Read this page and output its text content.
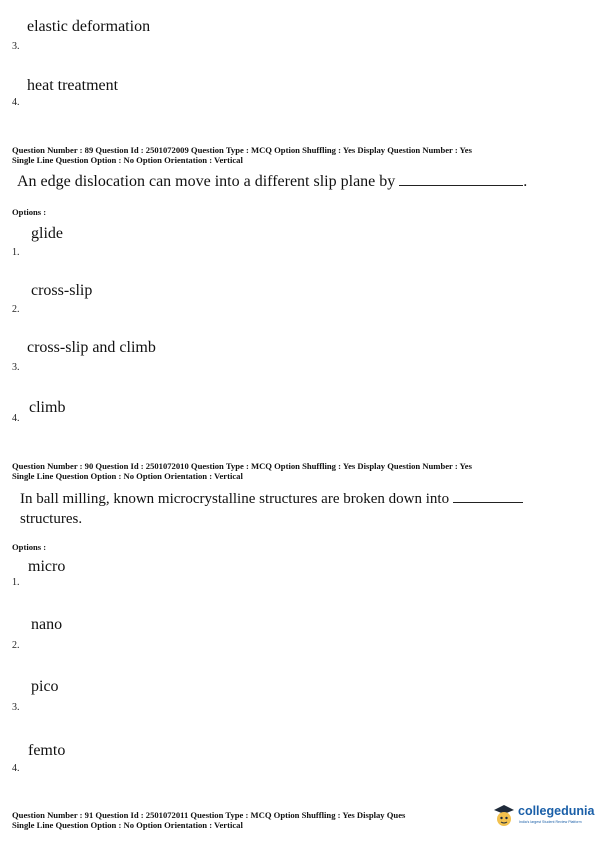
elastic deformation
3.
heat treatment
4.
Question Number : 89 Question Id : 2501072009 Question Type : MCQ Option Shuffling : Yes Display Question Number : Yes
Single Line Question Option : No Option Orientation : Vertical
An edge dislocation can move into a different slip plane by	.
Options :
glide
1.
cross-slip
2.
cross-slip and climb
3.
climb
4.
Question Number : 90 Question Id : 2501072010 Question Type : MCQ Option Shuffling : Yes Display Question Number : Yes
Single Line Question Option : No Option Orientation : Vertical
In ball milling, known microcrystalline structures are broken down into
structures.
Options :
micro
1.
nano
2.
pico
3.
femto
4.
Question Number : 91 Question Id : 2501072011 Question Type : MCQ Option Shuffling : Yes Display Ques
Single Line Question Option : No Option Orientation : Vertical
collegedunia
India's largest Student Review Platform
